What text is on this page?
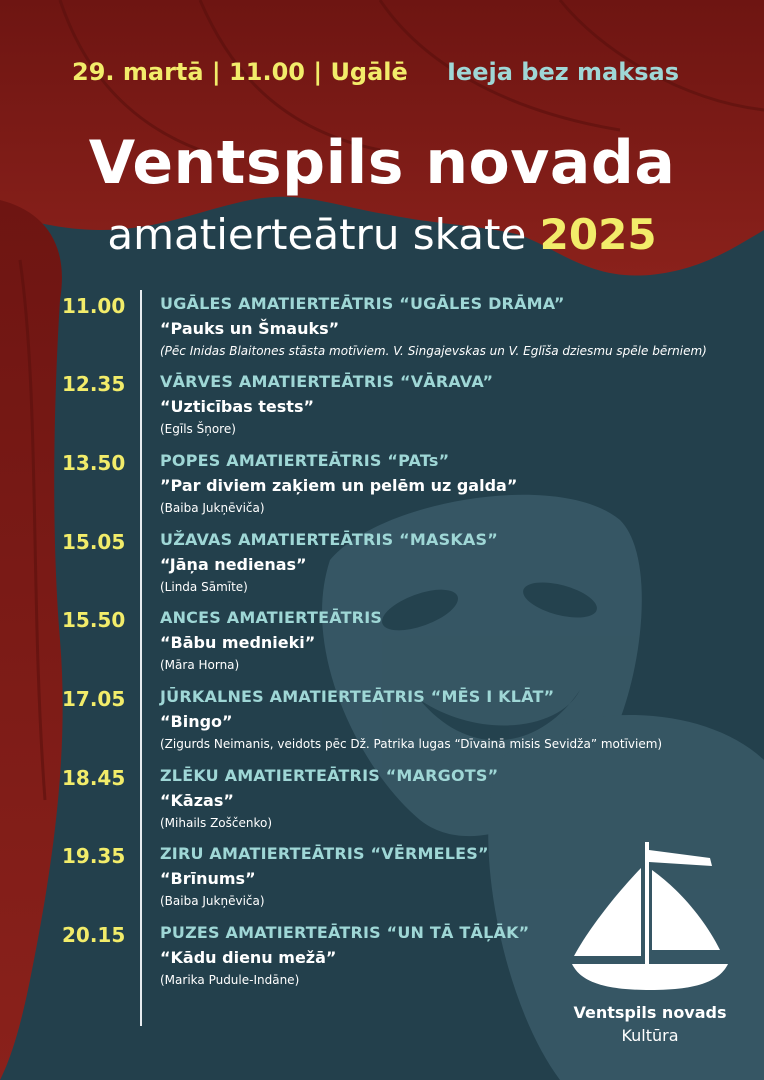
29. martā | 11.00 | Ugālē Ieeja bez maksas
Ventspils novada
amatierteātru skate 2025
11.00 UGĀLES AMATIERTEĀTRIS “UGĀLES DRĀMA”
“Pauks un Šmauks”
(Pēc Inidas Blaitones stāsta motīviem. V. Singajevskas un V. Eglīša dziesmu spēle bērniem)
12.35 VĀRVES AMATIERTEĀTRIS “VĀRAVA”
“Uzticības tests”
(Egīls Šņore)
13.50 POPES AMATIERTEĀTRIS “PATs”
”Par diviem zaķiem un pelēm uz galda”
(Baiba Jukņēviča)
15.05 UŽAVAS AMATIERTEĀTRIS “MASKAS”
“Jāņa nedienas”
(Linda Sāmīte)
15.50 ANCES AMATIERTEĀTRIS
“Bābu mednieki”
(Māra Horna)
17.05 JŪRKALNES AMATIERTEĀTRIS “MĒS I KLĀT”
“Bingo”
(Zigurds Neimanis, veidots pēc Dž. Patrika lugas “Dīvainā misis Sevidža” motīviem)
18.45 ZLĒKU AMATIERTEĀTRIS “MARGOTS”
“Kāzas”
(Mihails Zoščenko)
19.35 ZIRU AMATIERTEĀTRIS “VĒRMELES”
“Brīnums”
(Baiba Jukņēviča)
20.15 PUZES AMATIERTEĀTRIS “UN TĀ TĀĻĀK”
“Kādu dienu mežā”
(Marika Pudule-Indāne)
Ventspils novads
Kultūra
